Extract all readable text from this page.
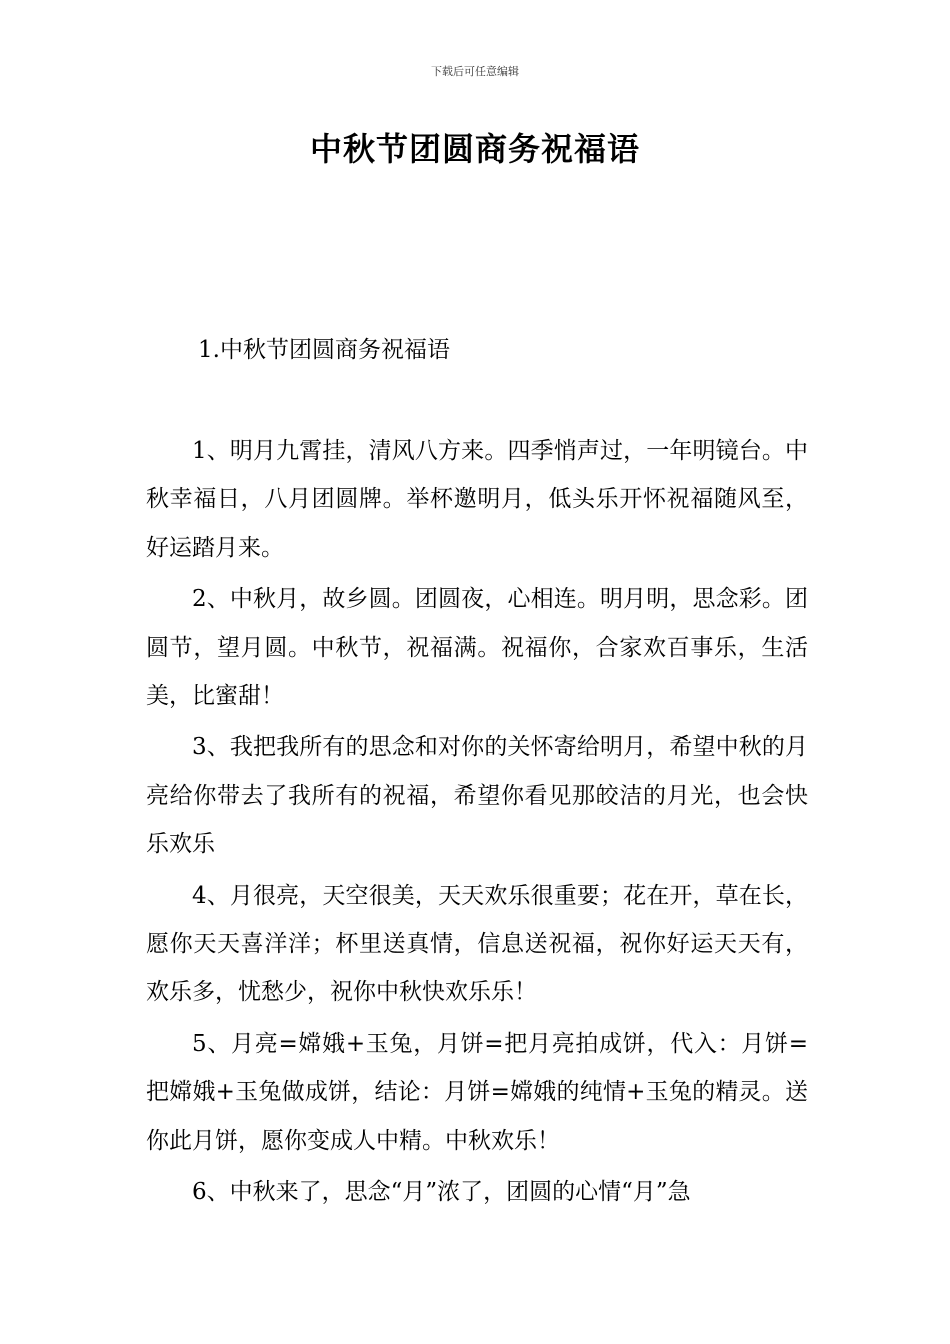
下载后可任意编辑
中秋节团圆商务祝福语
1.中秋节团圆商务祝福语

1、明月九霄挂，清风八方来。四季悄声过，一年明镜台。中秋幸福日，八月团圆牌。举杯邀明月，低头乐开怀祝福随风至，好运踏月来。

2、中秋月，故乡圆。团圆夜，心相连。明月明，思念彩。团圆节，望月圆。中秋节，祝福满。祝福你，合家欢百事乐，生活美，比蜜甜！

3、我把我所有的思念和对你的关怀寄给明月，希望中秋的月亮给你带去了我所有的祝福，希望你看见那皎洁的月光，也会快乐欢乐

4、月很亮，天空很美，天天欢乐很重要；花在开，草在长，愿你天天喜洋洋；杯里送真情，信息送祝福，祝你好运天天有，欢乐多，忧愁少，祝你中秋快欢乐乐！

5、月亮=嫦娥+玉兔，月饼=把月亮拍成饼，代入：月饼=把嫦娥+玉兔做成饼，结论：月饼=嫦娥的纯情+玉兔的精灵。送你此月饼，愿你变成人中精。中秋欢乐！

6、中秋来了，思念“月”浓了，团圆的心情“月”急
